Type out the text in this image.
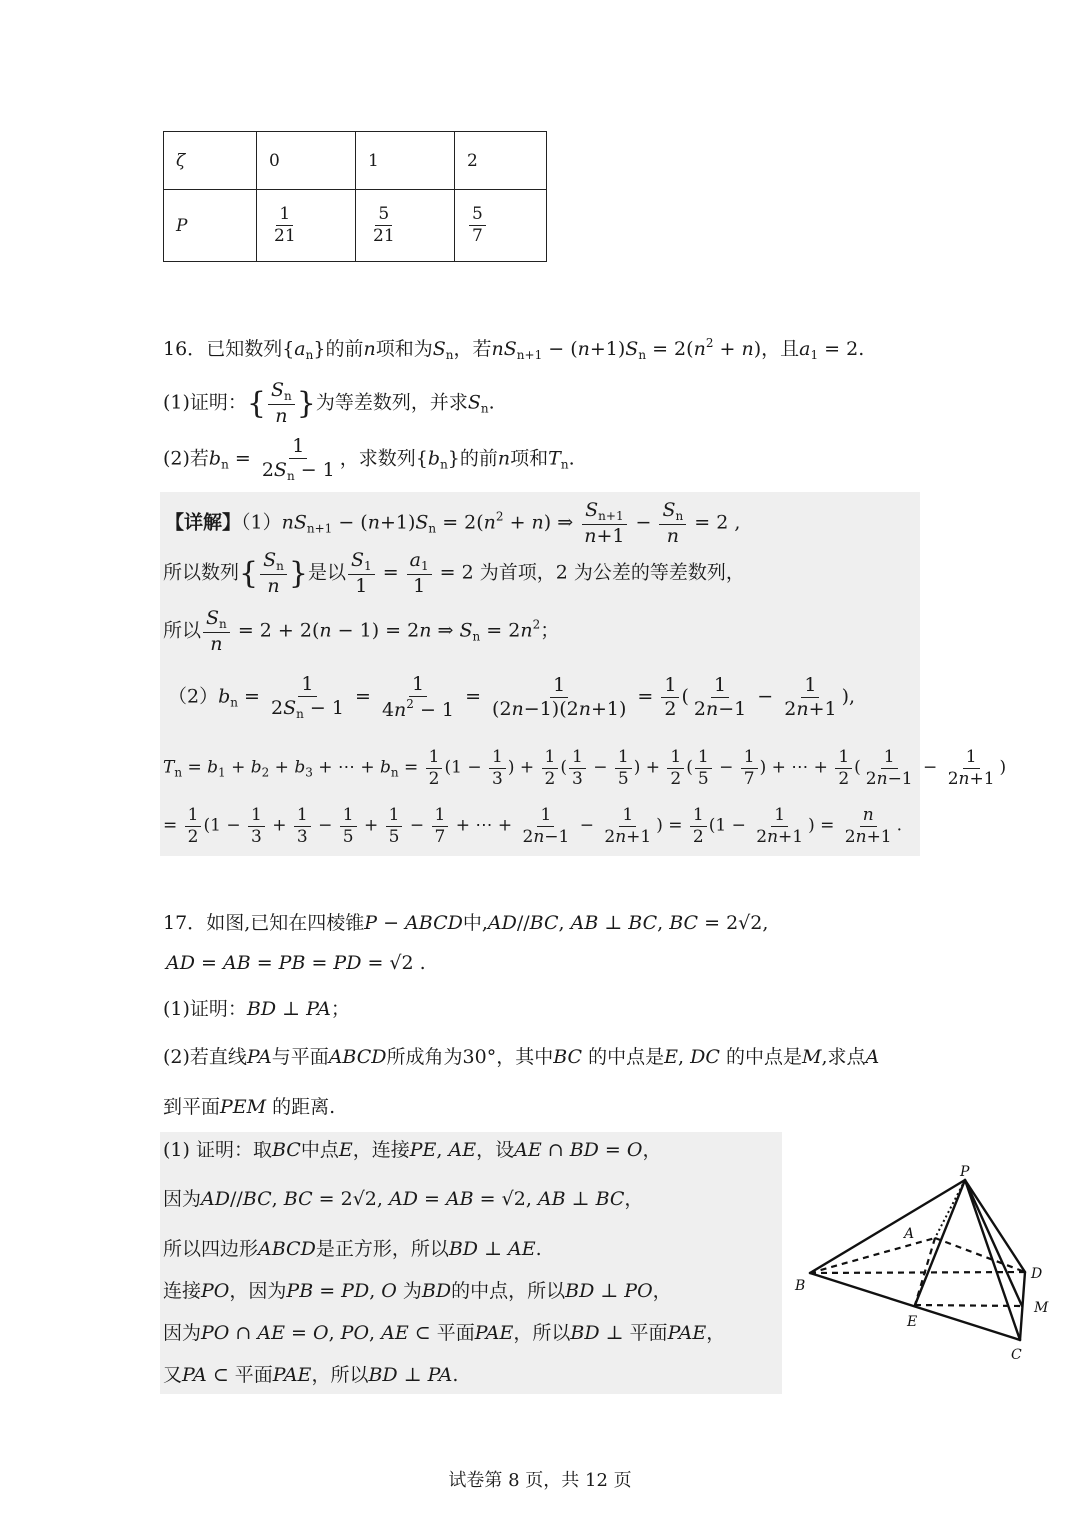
ζ	0	1	2
P	$\frac{1}{21}$	$\frac{5}{21}$	$\frac{5}{7}$
16．已知数列$\{a_n\}$的前n项和为$S_n$，若$nS_{n+1} - (n+1)S_n = 2(n^2 + n)$，且$a_1 = 2$.
(1)证明：{ $\frac{S_n}{n}$ }为等差数列，并求$S_n$.
(2)若$b_n = \frac{1}{2S_n - 1}$ ，求数列$\{b_n\}$的前n项和$T_n$.
【详解】$(1)nS_{n+1} - (n+1)S_n = 2(n^2 + n)$ ⇒ $\frac{S_{n+1}}{n+1} - \frac{S_n}{n} = 2$ ,
所以数列{ $\frac{S_n}{n}$ }是以 $\frac{S_1}{1} = \frac{a_1}{1} = 2$ 为首项，2 为公差的等差数列，
所以 $\frac{S_n}{n} = 2 + 2(n - 1) = 2n$ ⇒ $S_n = 2n^2$；
$(2)b_n = \frac{1}{2S_n - 1} = \frac{1}{4n^2 - 1} = \frac{1}{(2n-1)(2n+1)} = \frac{1}{2}$ ( $\frac{1}{2n-1} - \frac{1}{2n+1}$ ),
$T_n = b_1 + b_2 + b_3$ + ⋯ + $b_n = \frac{1}{2} (1 - \frac{1}{3}$ ) + $\frac{1}{2}$ ( $\frac{1}{3} - \frac{1}{5}$ ) + $\frac{1}{2}$ ( $\frac{1}{5} - \frac{1}{7}$ ) + ⋯ + $\frac{1}{2}$ ( $\frac{1}{2n-1} - \frac{1}{2n+1}$ )
= $\frac{1}{2} (1 - \frac{1}{3} + \frac{1}{3} - \frac{1}{5} + \frac{1}{5} - \frac{1}{7}$ + ⋯ + $\frac{1}{2n-1} - \frac{1}{2n+1}$ ) = $\frac{1}{2} (1 - \frac{1}{2n+1}$ ) = $\frac{n}{2n+1}$ .
17．如图,已知在四棱锥P − ABCD中,AD//BC, AB ⊥ BC, BC = 2√2,
AD = AB = PB = PD = √2 .
(1)证明：BD ⊥ PA；
(2)若直线PA与平面ABCD所成角为30°，其中BC 的中点是E, DC 的中点是M,求点A
到平面PEM 的距离.
(1) 证明：取BC中点E，连接PE, AE，设AE ∩ BD = O，
因为AD//BC, BC = 2√2, AD = AB = √2, AB ⊥ BC，
所以四边形ABCD是正方形，所以BD ⊥ AE.
连接PO，因为PB = PD, O 为BD的中点，所以BD ⊥ PO，
因为PO ∩ AE = O, PO, AE ⊂ 平面PAE，所以BD ⊥ 平面PAE，
又PA ⊂ 平面PAE，所以BD ⊥ PA.
P
A
B
D
E
M
C
试卷第 8 页，共 12 页
